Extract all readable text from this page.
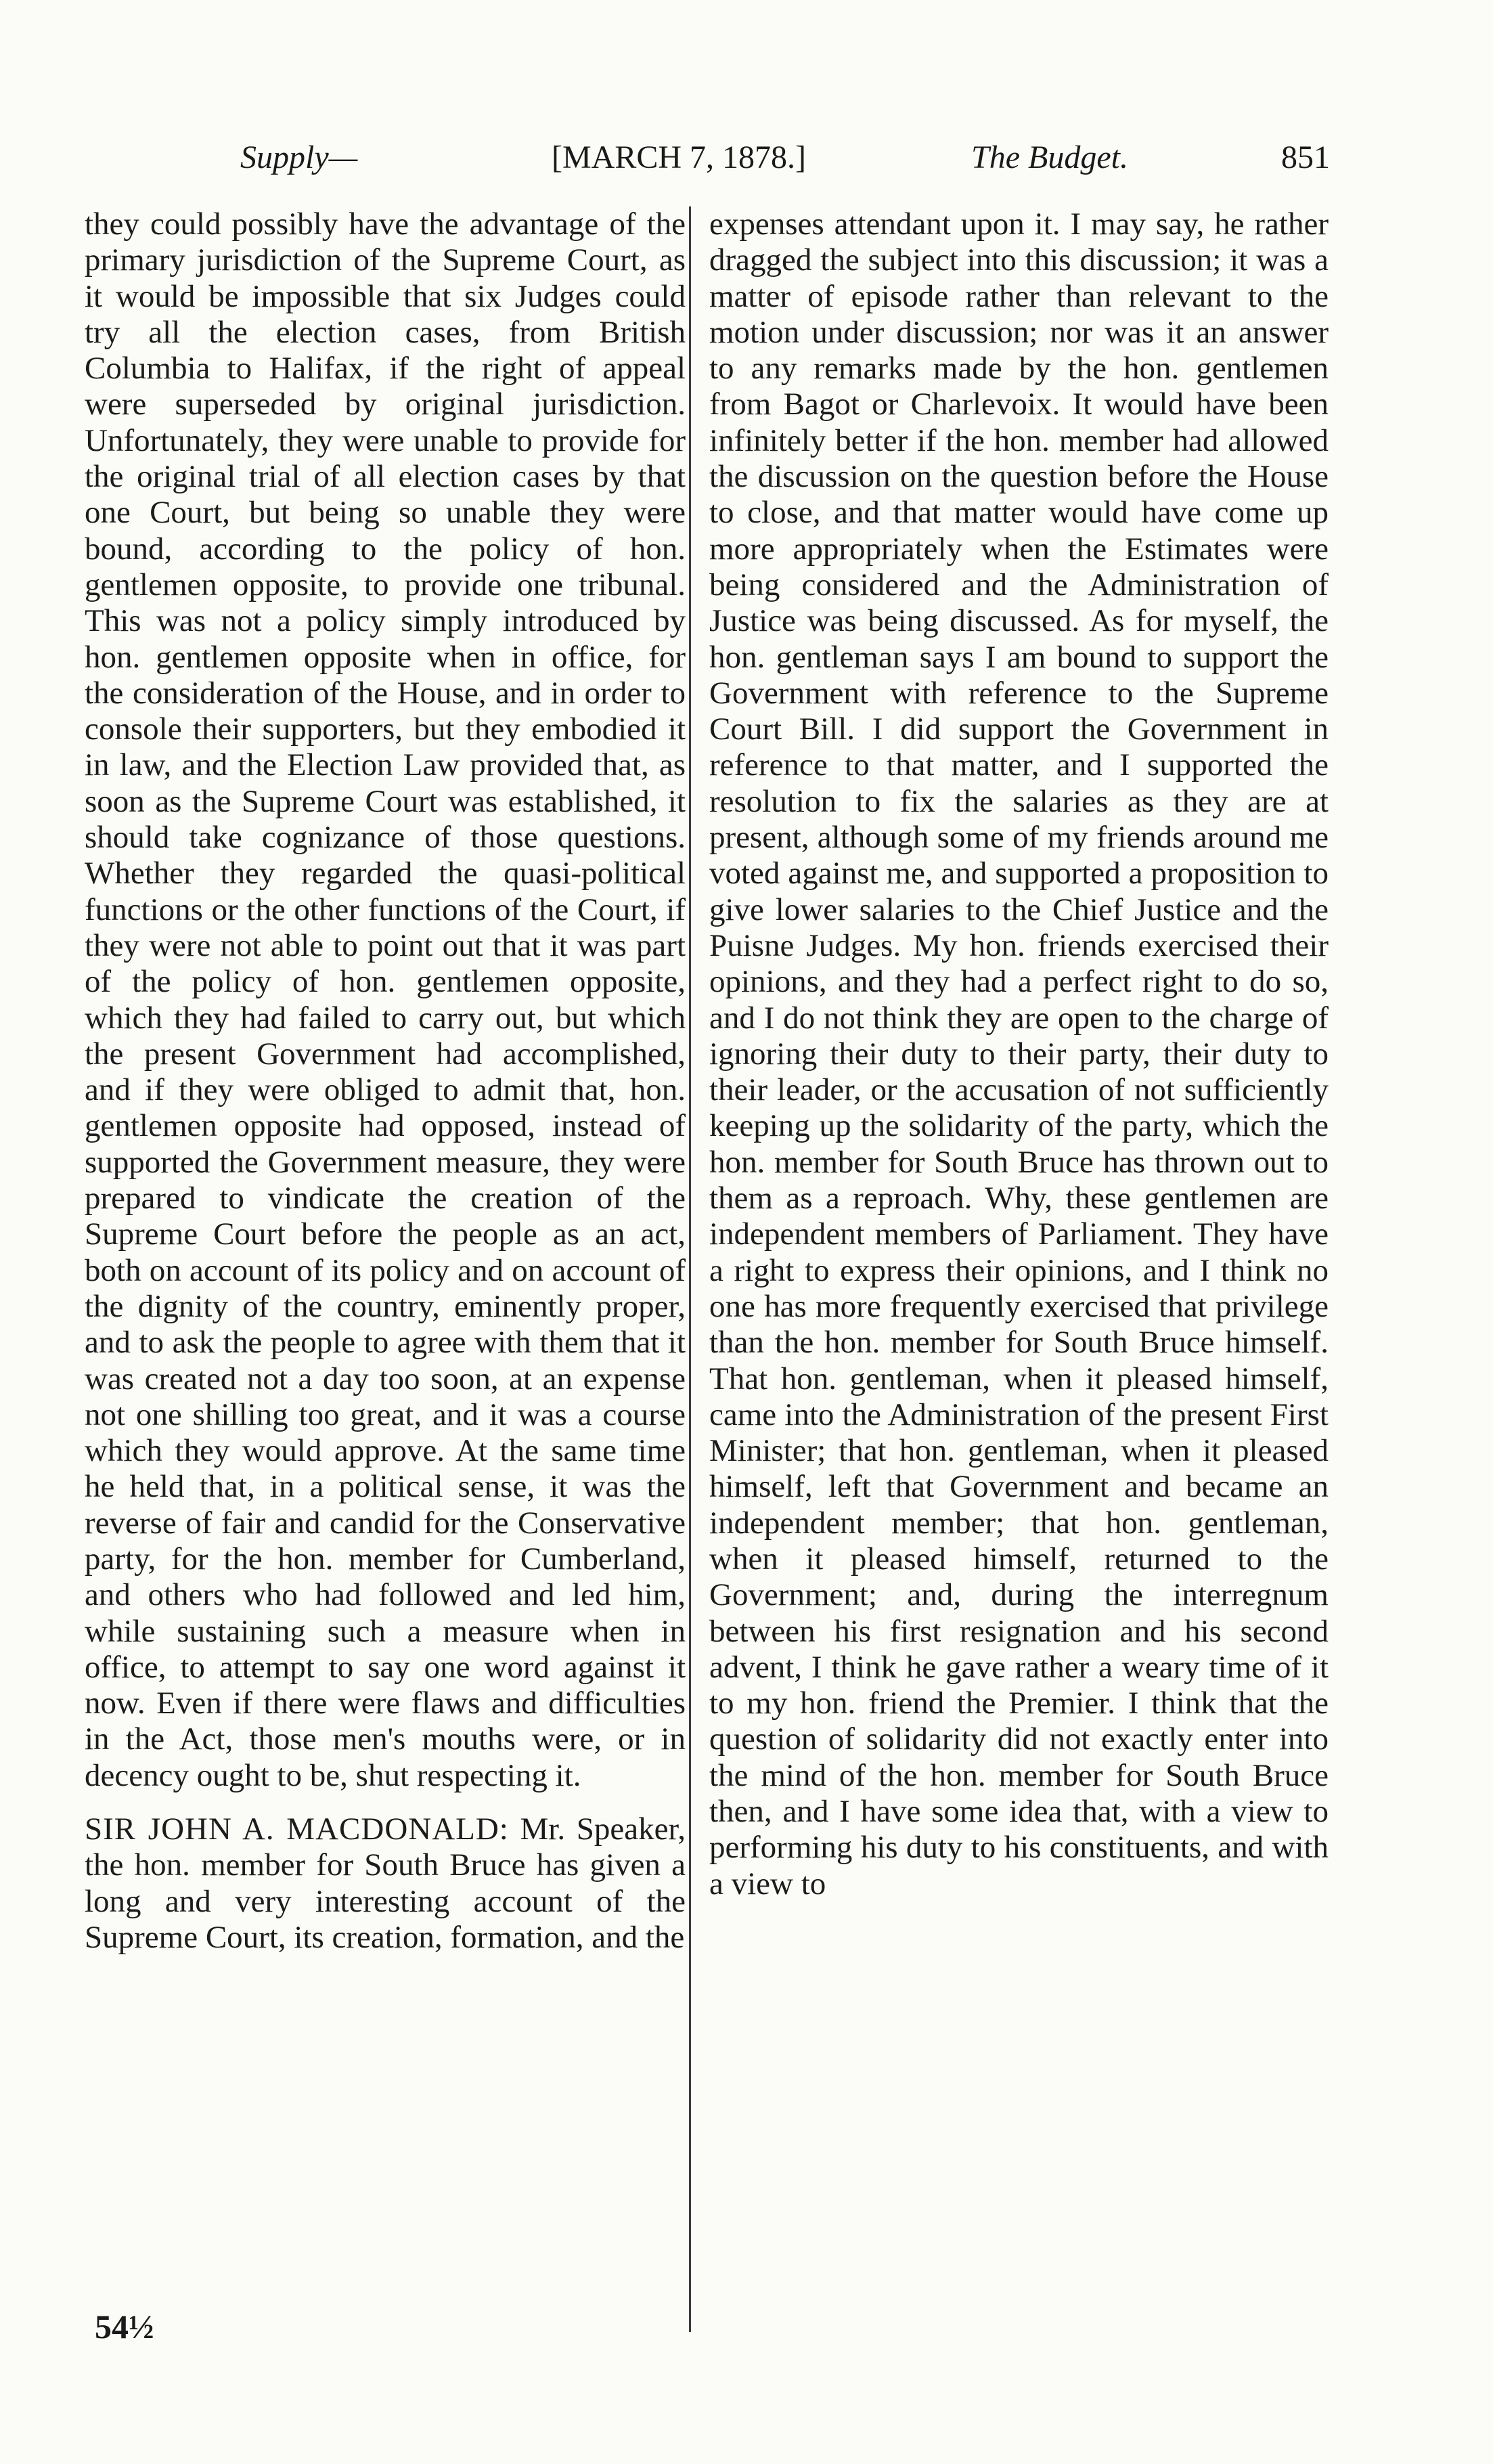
Supply—	[MARCH 7, 1878.]	The Budget.	851

they could possibly have the advantage of the primary jurisdiction of the Supreme Court, as it would be impossible that six Judges could try all the election cases, from British Columbia to Halifax, if the right of appeal were superseded by original jurisdiction. Unfortunately, they were unable to provide for the original trial of all election cases by that one Court, but being so unable they were bound, according to the policy of hon. gentlemen opposite, to provide one tribunal. This was not a policy simply introduced by hon. gentlemen opposite when in office, for the consideration of the House, and in order to console their supporters, but they embodied it in law, and the Election Law provided that, as soon as the Supreme Court was established, it should take cognizance of those questions. Whether they regarded the quasi-political functions or the other functions of the Court, if they were not able to point out that it was part of the policy of hon. gentlemen opposite, which they had failed to carry out, but which the present Government had accomplished, and if they were obliged to admit that, hon. gentlemen opposite had opposed, instead of supported the Government measure, they were prepared to vindicate the creation of the Supreme Court before the people as an act, both on account of its policy and on account of the dignity of the country, eminently proper, and to ask the people to agree with them that it was created not a day too soon, at an expense not one shilling too great, and it was a course which they would approve. At the same time he held that, in a political sense, it was the reverse of fair and candid for the Conservative party, for the hon. member for Cumberland, and others who had followed and led him, while sustaining such a measure when in office, to attempt to say one word against it now. Even if there were flaws and difficulties in the Act, those men's mouths were, or in decency ought to be, shut respecting it.

SIR JOHN A. MACDONALD: Mr. Speaker, the hon. member for South Bruce has given a long and very interesting account of the Supreme Court, its creation, formation, and the

expenses attendant upon it. I may say, he rather dragged the subject into this discussion; it was a matter of episode rather than relevant to the motion under discussion; nor was it an answer to any remarks made by the hon. gentlemen from Bagot or Charlevoix. It would have been infinitely better if the hon. member had allowed the discussion on the question before the House to close, and that matter would have come up more appropriately when the Estimates were being considered and the Administration of Justice was being discussed. As for myself, the hon. gentleman says I am bound to support the Government with reference to the Supreme Court Bill. I did support the Government in reference to that matter, and I supported the resolution to fix the salaries as they are at present, although some of my friends around me voted against me, and supported a proposition to give lower salaries to the Chief Justice and the Puisne Judges. My hon. friends exercised their opinions, and they had a perfect right to do so, and I do not think they are open to the charge of ignoring their duty to their party, their duty to their leader, or the accusation of not sufficiently keeping up the solidarity of the party, which the hon. member for South Bruce has thrown out to them as a reproach. Why, these gentlemen are independent members of Parliament. They have a right to express their opinions, and I think no one has more frequently exercised that privilege than the hon. member for South Bruce himself. That hon. gentleman, when it pleased himself, came into the Administration of the present First Minister; that hon. gentleman, when it pleased himself, left that Government and became an independent member; that hon. gentleman, when it pleased himself, returned to the Government; and, during the interregnum between his first resignation and his second advent, I think he gave rather a weary time of it to my hon. friend the Premier. I think that the question of solidarity did not exactly enter into the mind of the hon. member for South Bruce then, and I have some idea that, with a view to performing his duty to his constituents, and with a view to

54½
